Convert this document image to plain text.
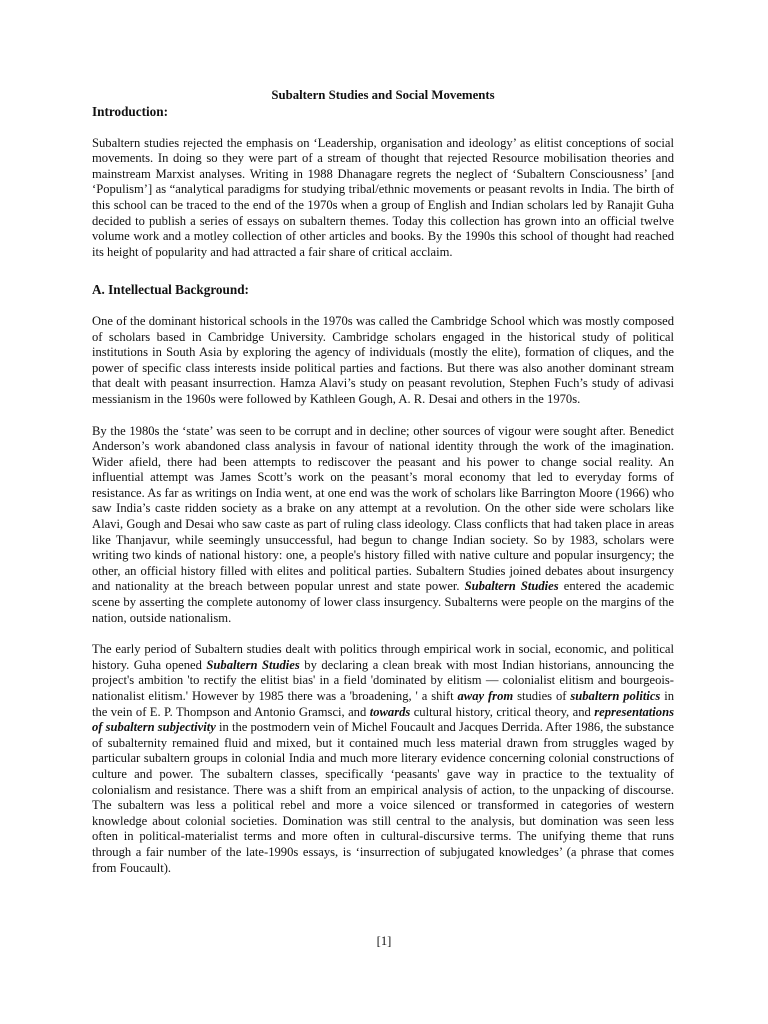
Subaltern Studies and Social Movements
Introduction:

Subaltern studies rejected the emphasis on ‘Leadership, organisation and ideology’ as elitist conceptions of social movements. In doing so they were part of a stream of thought that rejected Resource mobilisation theories and mainstream Marxist analyses. Writing in 1988 Dhanagare regrets the neglect of ‘Subaltern Consciousness’ [and ‘Populism’] as “analytical paradigms for studying tribal/ethnic movements or peasant revolts in India. The birth of this school can be traced to the end of the 1970s when a group of English and Indian scholars led by Ranajit Guha decided to publish a series of essays on subaltern themes. Today this collection has grown into an official twelve volume work and a motley collection of other articles and books. By the 1990s this school of thought had reached its height of popularity and had attracted a fair share of critical acclaim.

A. Intellectual Background:

One of the dominant historical schools in the 1970s was called the Cambridge School which was mostly composed of scholars based in Cambridge University. Cambridge scholars engaged in the historical study of political institutions in South Asia by exploring the agency of individuals (mostly the elite), formation of cliques, and the power of specific class interests inside political parties and factions. But there was also another dominant stream that dealt with peasant insurrection. Hamza Alavi’s study on peasant revolution, Stephen Fuch’s study of adivasi messianism in the 1960s were followed by Kathleen Gough, A. R. Desai and others in the 1970s.

By the 1980s the ‘state’ was seen to be corrupt and in decline; other sources of vigour were sought after. Benedict Anderson’s work abandoned class analysis in favour of national identity through the work of the imagination. Wider afield, there had been attempts to rediscover the peasant and his power to change social reality. An influential attempt was James Scott’s work on the peasant’s moral economy that led to everyday forms of resistance. As far as writings on India went, at one end was the work of scholars like Barrington Moore (1966) who saw India’s caste ridden society as a brake on any attempt at a revolution. On the other side were scholars like Alavi, Gough and Desai who saw caste as part of ruling class ideology. Class conflicts that had taken place in areas like Thanjavur, while seemingly unsuccessful, had begun to change Indian society. So by 1983, scholars were writing two kinds of national history: one, a people's history filled with native culture and popular insurgency; the other, an official history filled with elites and political parties. Subaltern Studies joined debates about insurgency and nationality at the breach between popular unrest and state power. Subaltern Studies entered the academic scene by asserting the complete autonomy of lower class insurgency. Subalterns were people on the margins of the nation, outside nationalism.

The early period of Subaltern studies dealt with politics through empirical work in social, economic, and political history. Guha opened Subaltern Studies by declaring a clean break with most Indian historians, announcing the project's ambition 'to rectify the elitist bias' in a field 'dominated by elitism — colonialist elitism and bourgeois-nationalist elitism.' However by 1985 there was a 'broadening, ' a shift away from studies of subaltern politics in the vein of E. P. Thompson and Antonio Gramsci, and towards cultural history, critical theory, and representations of subaltern subjectivity in the postmodern vein of Michel Foucault and Jacques Derrida. After 1986, the substance of subalternity remained fluid and mixed, but it contained much less material drawn from struggles waged by particular subaltern groups in colonial India and much more literary evidence concerning colonial constructions of culture and power. The subaltern classes, specifically ‘peasants' gave way in practice to the textuality of colonialism and resistance. There was a shift from an empirical analysis of action, to the unpacking of discourse. The subaltern was less a political rebel and more a voice silenced or transformed in categories of western knowledge about colonial societies. Domination was still central to the analysis, but domination was seen less often in political-materialist terms and more often in cultural-discursive terms. The unifying theme that runs through a fair number of the late-1990s essays, is ‘insurrection of subjugated knowledges’ (a phrase that comes from Foucault).

[1]
